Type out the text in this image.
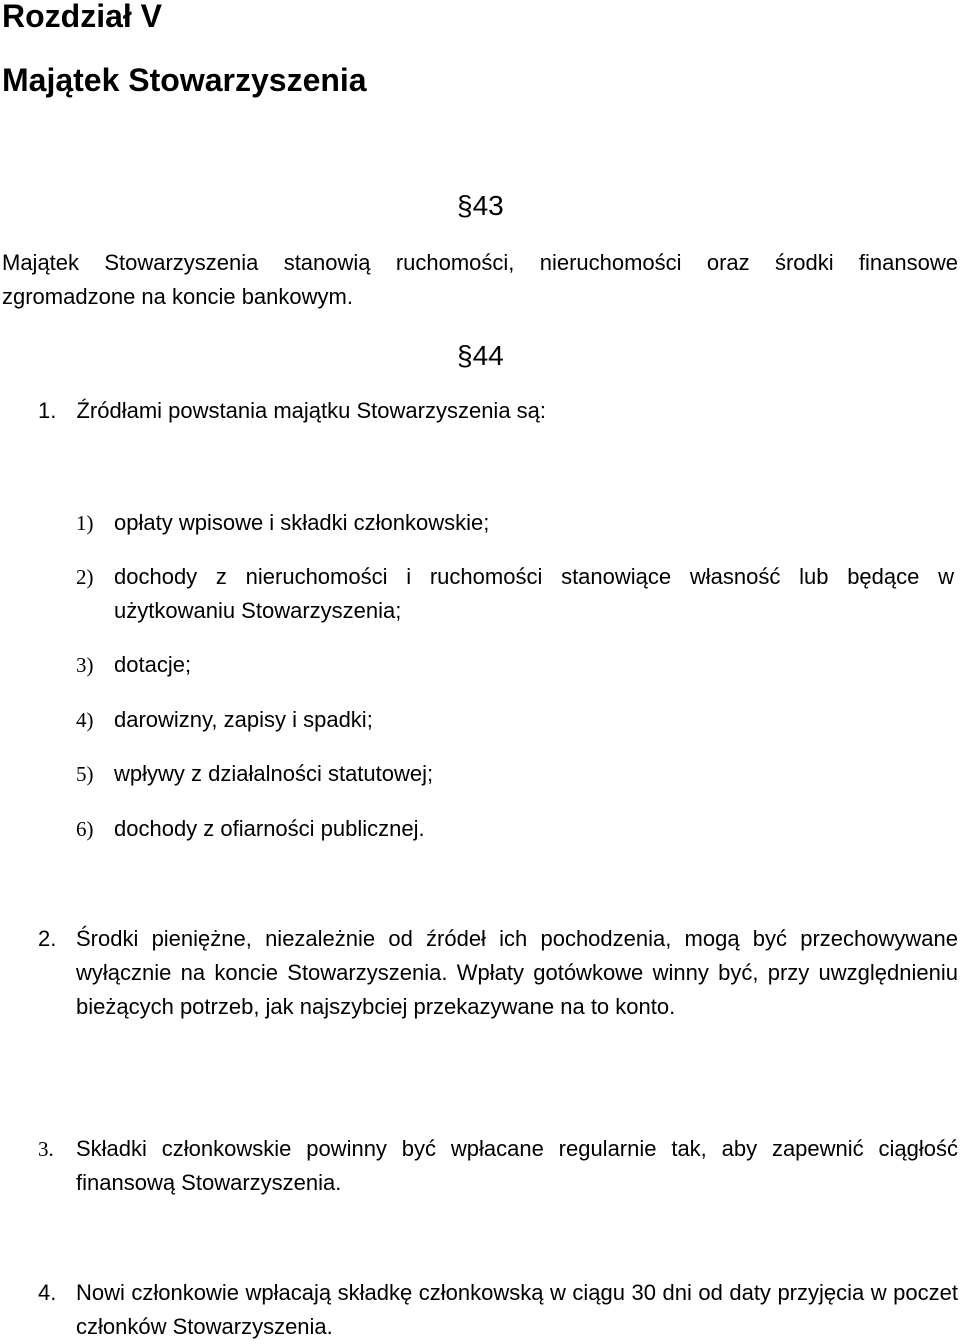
Rozdział V
Majątek Stowarzyszenia
§43

Majątek Stowarzyszenia stanowią ruchomości, nieruchomości oraz środki finansowe zgromadzone na koncie bankowym.

§44
1. Źródłami powstania majątku Stowarzyszenia są:
1) opłaty wpisowe i składki członkowskie;
2) dochody z nieruchomości i ruchomości stanowiące własność lub będące w użytkowaniu Stowarzyszenia;
3) dotacje;
4) darowizny, zapisy i spadki;
5) wpływy z działalności statutowej;
6) dochody z ofiarności publicznej.
2. Środki pieniężne, niezależnie od źródeł ich pochodzenia, mogą być przechowywane wyłącznie na koncie Stowarzyszenia. Wpłaty gotówkowe winny być, przy uwzględnieniu bieżących potrzeb, jak najszybciej przekazywane na to konto.

3. Składki członkowskie powinny być wpłacane regularnie tak, aby zapewnić ciągłość finansową Stowarzyszenia.

4. Nowi członkowie wpłacają składkę członkowską w ciągu 30 dni od daty przyjęcia w poczet członków Stowarzyszenia.
